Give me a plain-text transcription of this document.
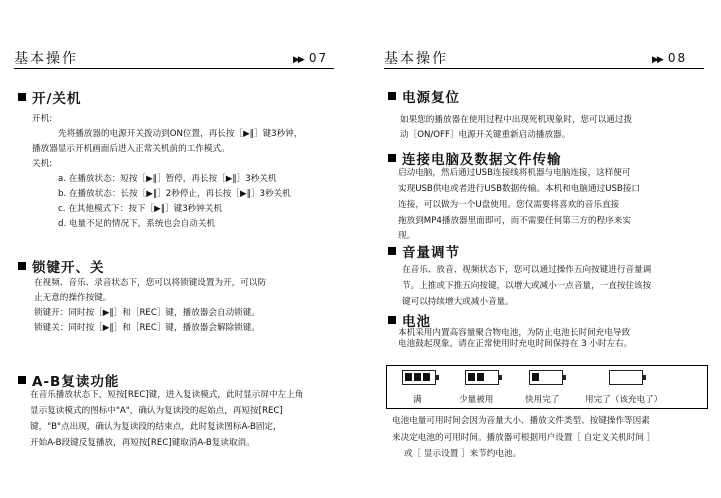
基本操作	▶▶ 07
开/关机
开机:
先将播放器的电源开关拨动到ON位置，再长按［▶‖］键3秒钟，
播放器显示开机画面后进入正常关机前的工作模式。
关机:
a. 在播放状态：短按［▶‖］暂停，再长按［▶‖］3秒关机
b. 在播放状态：长按［▶‖］2秒停止，再长按［▶‖］3秒关机
c. 在其他模式下：按下［▶‖］键3秒钟关机
d. 电量不足的情况下，系统也会自动关机
锁键开、关
在视频、音乐、录音状态下，您可以将锁键设置为开，可以防
止无意的操作按键。
锁键开：同时按［▶‖］和［REC］键，播放器会自动锁键。
锁键关：同时按［▶‖］和［REC］键，播放器会解除锁键。
A-B复读功能
在音乐播放状态下，短按[REC]键，进入复读模式，此时显示屏中左上角
显示复读模式的图标中"A"，确认为复读段的起始点，再短按[REC]
键，"B"点出现，确认为复读段的结束点，此时复读图标A-B固定，
开始A-B段键反复播放，再短按[REC]键取消A-B复读取消。
基本操作	▶▶ 08
电源复位
如果您的播放器在使用过程中出现死机现象时，您可以通过拨
动［ON/OFF］电源开关键重新启动播放器。
连接电脑及数据文件传输
启动电脑，然后通过USB连接线将机器与电脑连接，这样便可
实现USB供电或者进行USB数据传输。本机和电脑通过USB接口
连接，可以做为一个U盘使用。您仅需要将喜欢的音乐直接
拖放到MP4播放器里面即可，而不需要任何第三方的程序来实
现。
音量调节
在音乐、放音、视频状态下，您可以通过操作五向按键进行音量调
节。上推或下推五向按键，以增大或减小一点音量，一直按住该按
键可以持续增大或减小音量。
电池
本机采用内置高容量聚合物电池，为防止电池长时间充电导致
电池鼓起现象，请在正常使用时充电时间保持在 3 小时左右。
满	少量被用	快用完了	用完了（该充电了）
电池电量可用时间会因为音量大小、播放文件类型、按键操作等因素
来决定电池的可用时间。播放器可根据用户设置［ 自定义关机时间 ］
或［ 显示设置 ］来节约电池。
